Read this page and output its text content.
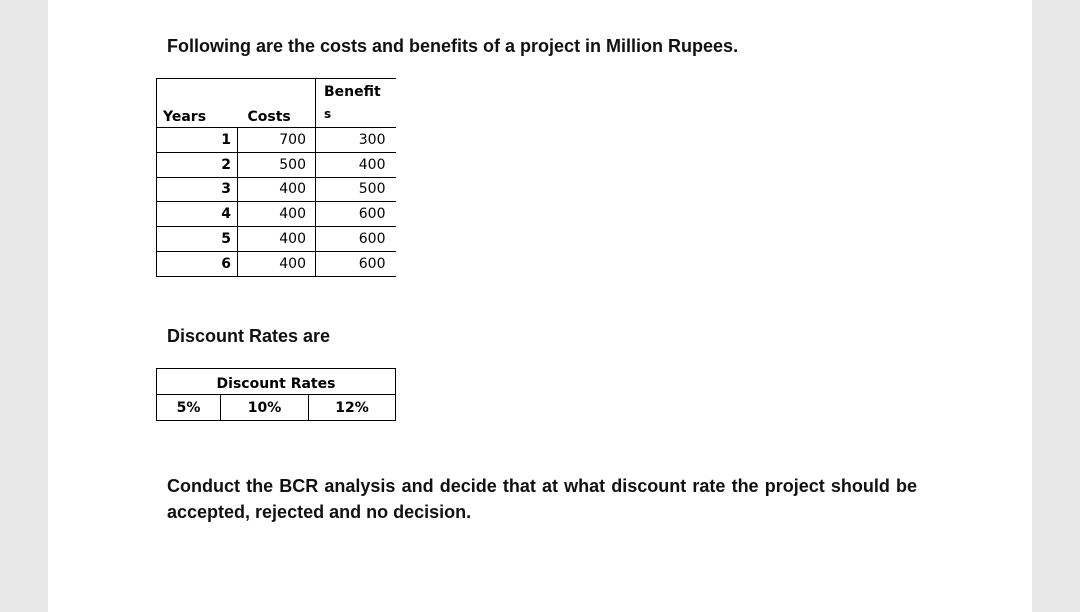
Following are the costs and benefits of a project in Million Rupees.
Years	Costs	Benefit
s

1	700	300
2	500	400
3	400	500
4	400	600
5	400	600
6	400	600
Discount Rates are
Discount Rates
5%	10%	12%
Conduct the BCR analysis and decide that at what discount rate the project should be accepted, rejected and no decision.
